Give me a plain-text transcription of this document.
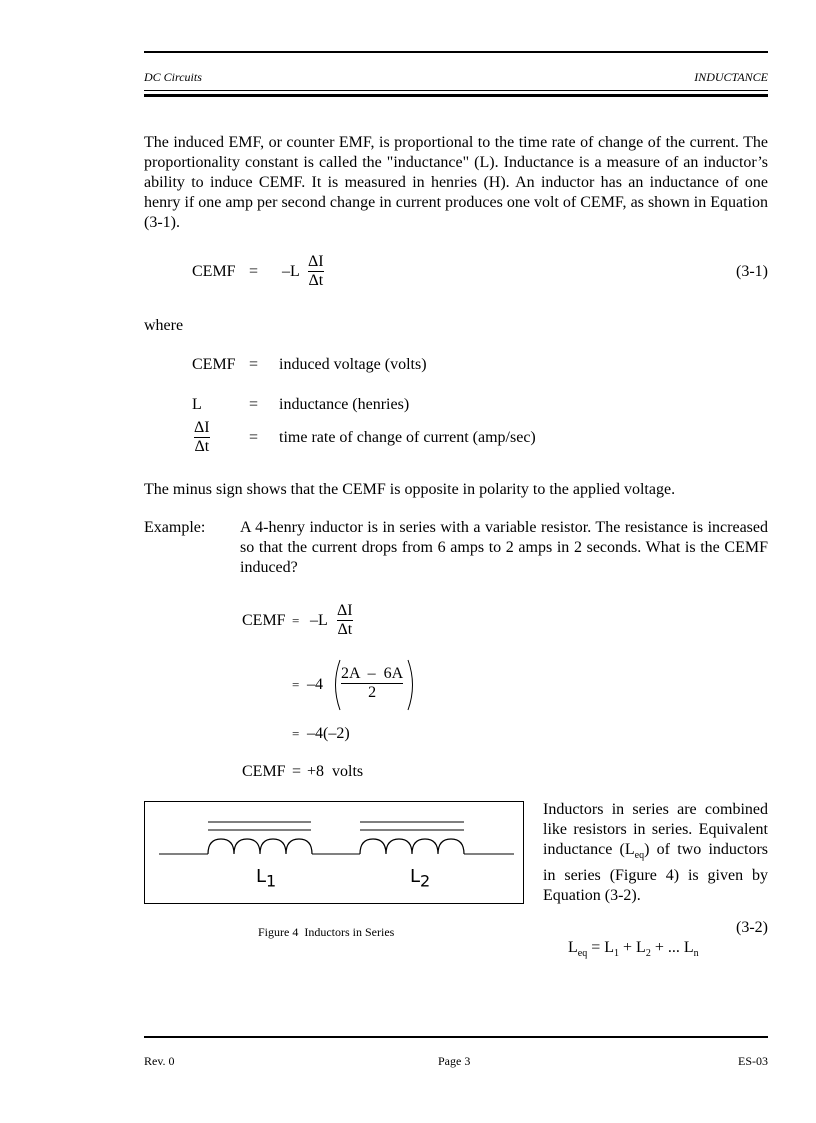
DC Circuits	INDUCTANCE
The induced EMF, or counter EMF, is proportional to the time rate of change of the current. The proportionality constant is called the "inductance" (L). Inductance is a measure of an inductor’s ability to induce CEMF. It is measured in henries (H). An inductor has an inductance of one henry if one amp per second change in current produces one volt of CEMF, as shown in Equation (3-1).
CEMF = –L
ΔI
Δt
(3-1)
where
CEMF = induced voltage (volts)
L	= inductance (henries)
ΔI
Δt
= time rate of change of current (amp/sec)
The minus sign shows that the CEMF is opposite in polarity to the applied voltage.
Example: A 4-henry inductor is in series with a variable resistor. The resistance is increased so that the current drops from 6 amps to 2 amps in 2 seconds. What is the CEMF induced?
CEMF = –L
ΔI
Δt
= –4
2A  –  6A
2
= –4(–2)
CEMF = +8  volts
$L_1$	$L_2$
Figure 4  Inductors in Series
Inductors in series are combined like resistors in series. Equivalent inductance $(L_{eq})$ of two inductors in series (Figure 4) is given by Equation (3-2).

$L_{eq} = L_1 + L_2$ + ... $L_n$

(3-2)
Rev. 0	Page 3	ES-03
